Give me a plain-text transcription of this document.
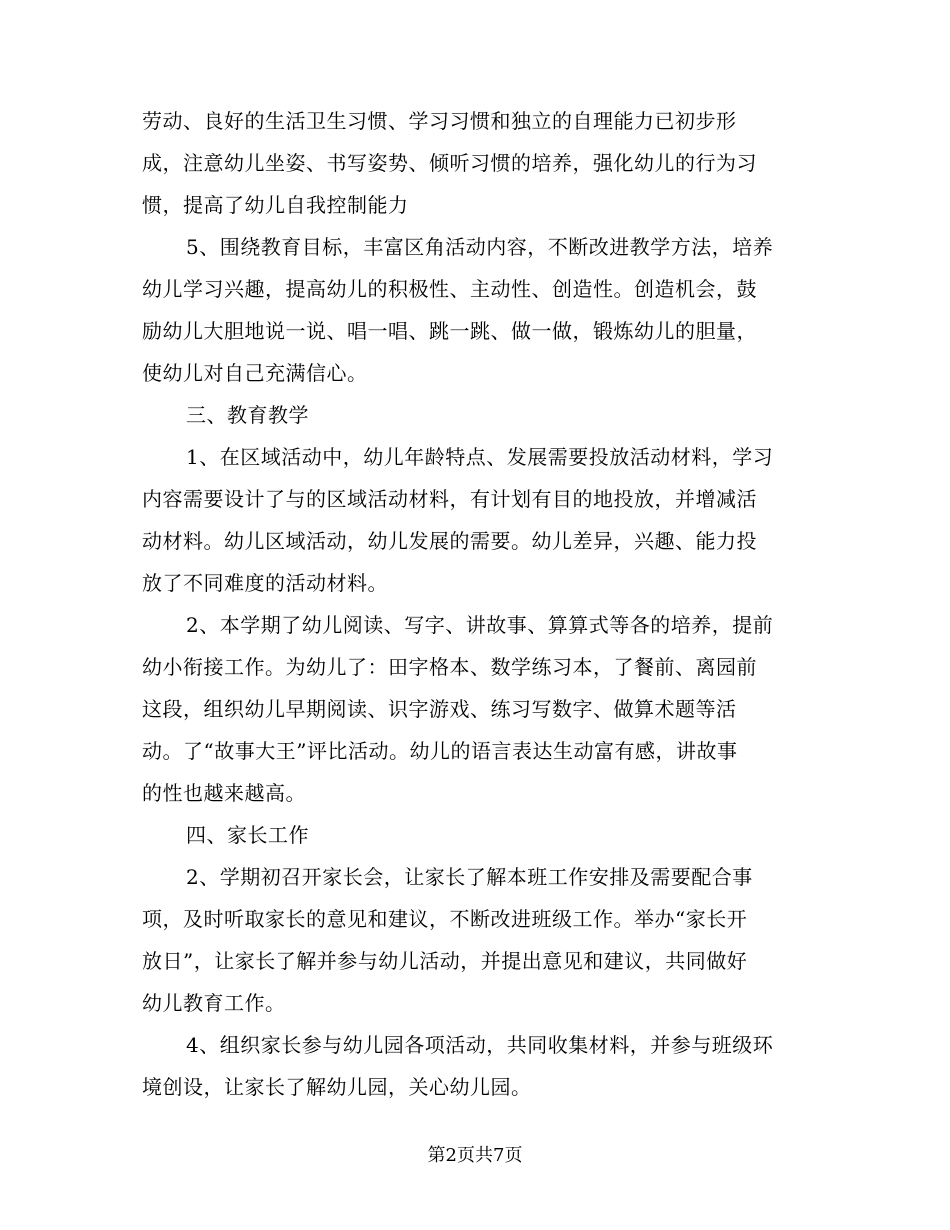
劳动、良好的生活卫生习惯、学习习惯和独立的自理能力已初步形
成，注意幼儿坐姿、书写姿势、倾听习惯的培养，强化幼儿的行为习
惯，提高了幼儿自我控制能力
5、围绕教育目标，丰富区角活动内容，不断改进教学方法，培养
幼儿学习兴趣，提高幼儿的积极性、主动性、创造性。创造机会，鼓
励幼儿大胆地说一说、唱一唱、跳一跳、做一做，锻炼幼儿的胆量，
使幼儿对自己充满信心。
三、教育教学
1、在区域活动中，幼儿年龄特点、发展需要投放活动材料，学习
内容需要设计了与的区域活动材料，有计划有目的地投放，并增减活
动材料。幼儿区域活动，幼儿发展的需要。幼儿差异，兴趣、能力投
放了不同难度的活动材料。
2、本学期了幼儿阅读、写字、讲故事、算算式等各的培养，提前
幼小衔接工作。为幼儿了：田字格本、数学练习本，了餐前、离园前
这段，组织幼儿早期阅读、识字游戏、练习写数字、做算术题等活
动。了“故事大王”评比活动。幼儿的语言表达生动富有感，讲故事
的性也越来越高。
四、家长工作
2、学期初召开家长会，让家长了解本班工作安排及需要配合事
项，及时听取家长的意见和建议，不断改进班级工作。举办“家长开
放日”，让家长了解并参与幼儿活动，并提出意见和建议，共同做好
幼儿教育工作。
4、组织家长参与幼儿园各项活动，共同收集材料，并参与班级环
境创设，让家长了解幼儿园，关心幼儿园。
第2页共7页
